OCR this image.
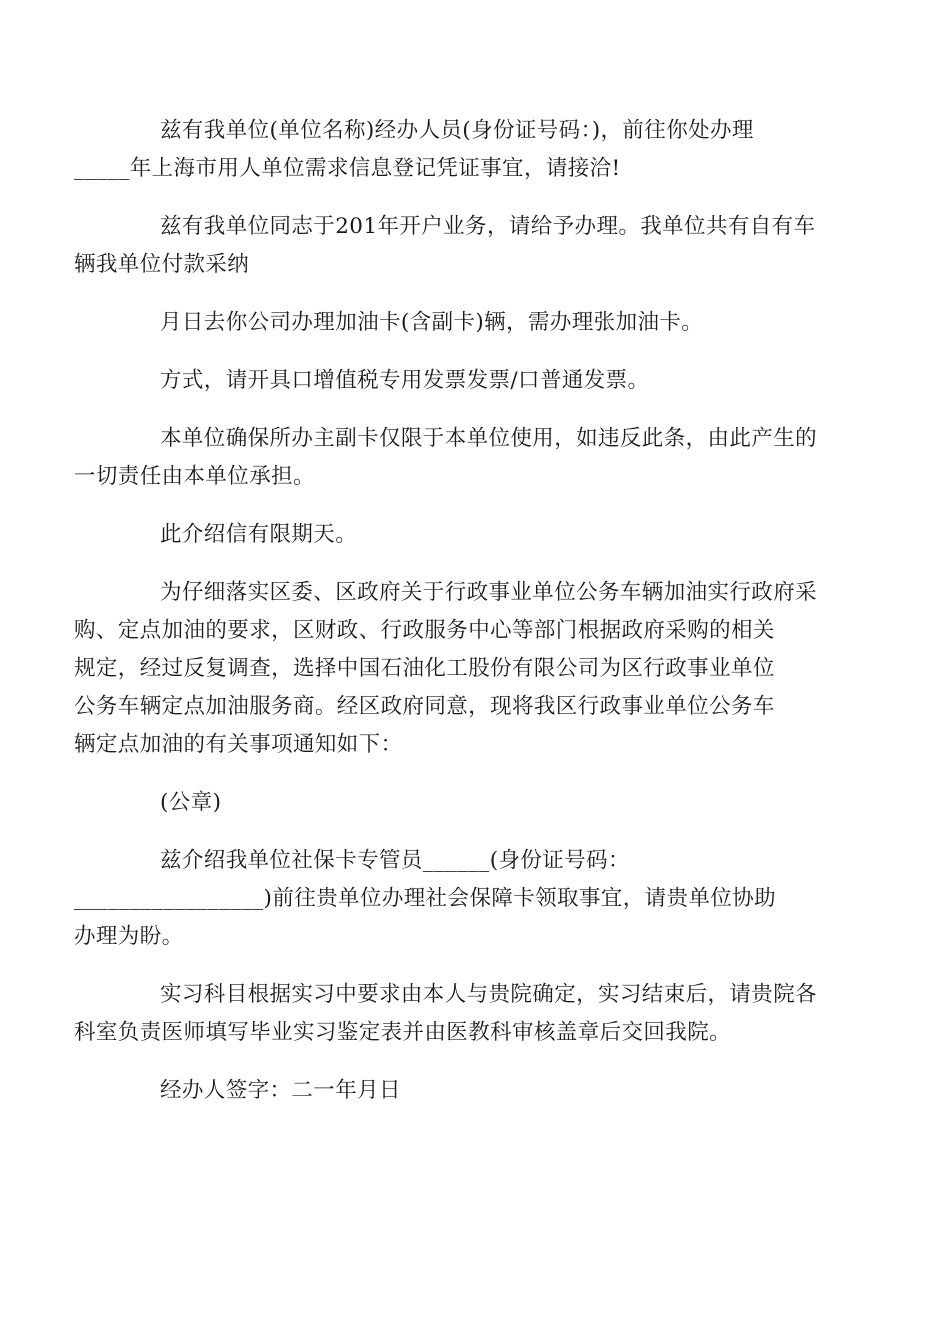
兹有我单位(单位名称)经办人员(身份证号码：)，前往你处办理
_____年上海市用人单位需求信息登记凭证事宜，请接洽!

兹有我单位同志于201年开户业务，请给予办理。我单位共有自有车
辆我单位付款采纳

月日去你公司办理加油卡(含副卡)辆，需办理张加油卡。

方式，请开具口增值税专用发票发票/口普通发票。

本单位确保所办主副卡仅限于本单位使用，如违反此条，由此产生的
一切责任由本单位承担。

此介绍信有限期天。

为仔细落实区委、区政府关于行政事业单位公务车辆加油实行政府采
购、定点加油的要求，区财政、行政服务中心等部门根据政府采购的相关
规定，经过反复调查，选择中国石油化工股份有限公司为区行政事业单位
公务车辆定点加油服务商。经区政府同意，现将我区行政事业单位公务车
辆定点加油的有关事项通知如下：

(公章)

兹介绍我单位社保卡专管员______(身份证号码：
_________________)前往贵单位办理社会保障卡领取事宜，请贵单位协助
办理为盼。

实习科目根据实习中要求由本人与贵院确定，实习结束后，请贵院各
科室负责医师填写毕业实习鉴定表并由医教科审核盖章后交回我院。

经办人签字：二一年月日
